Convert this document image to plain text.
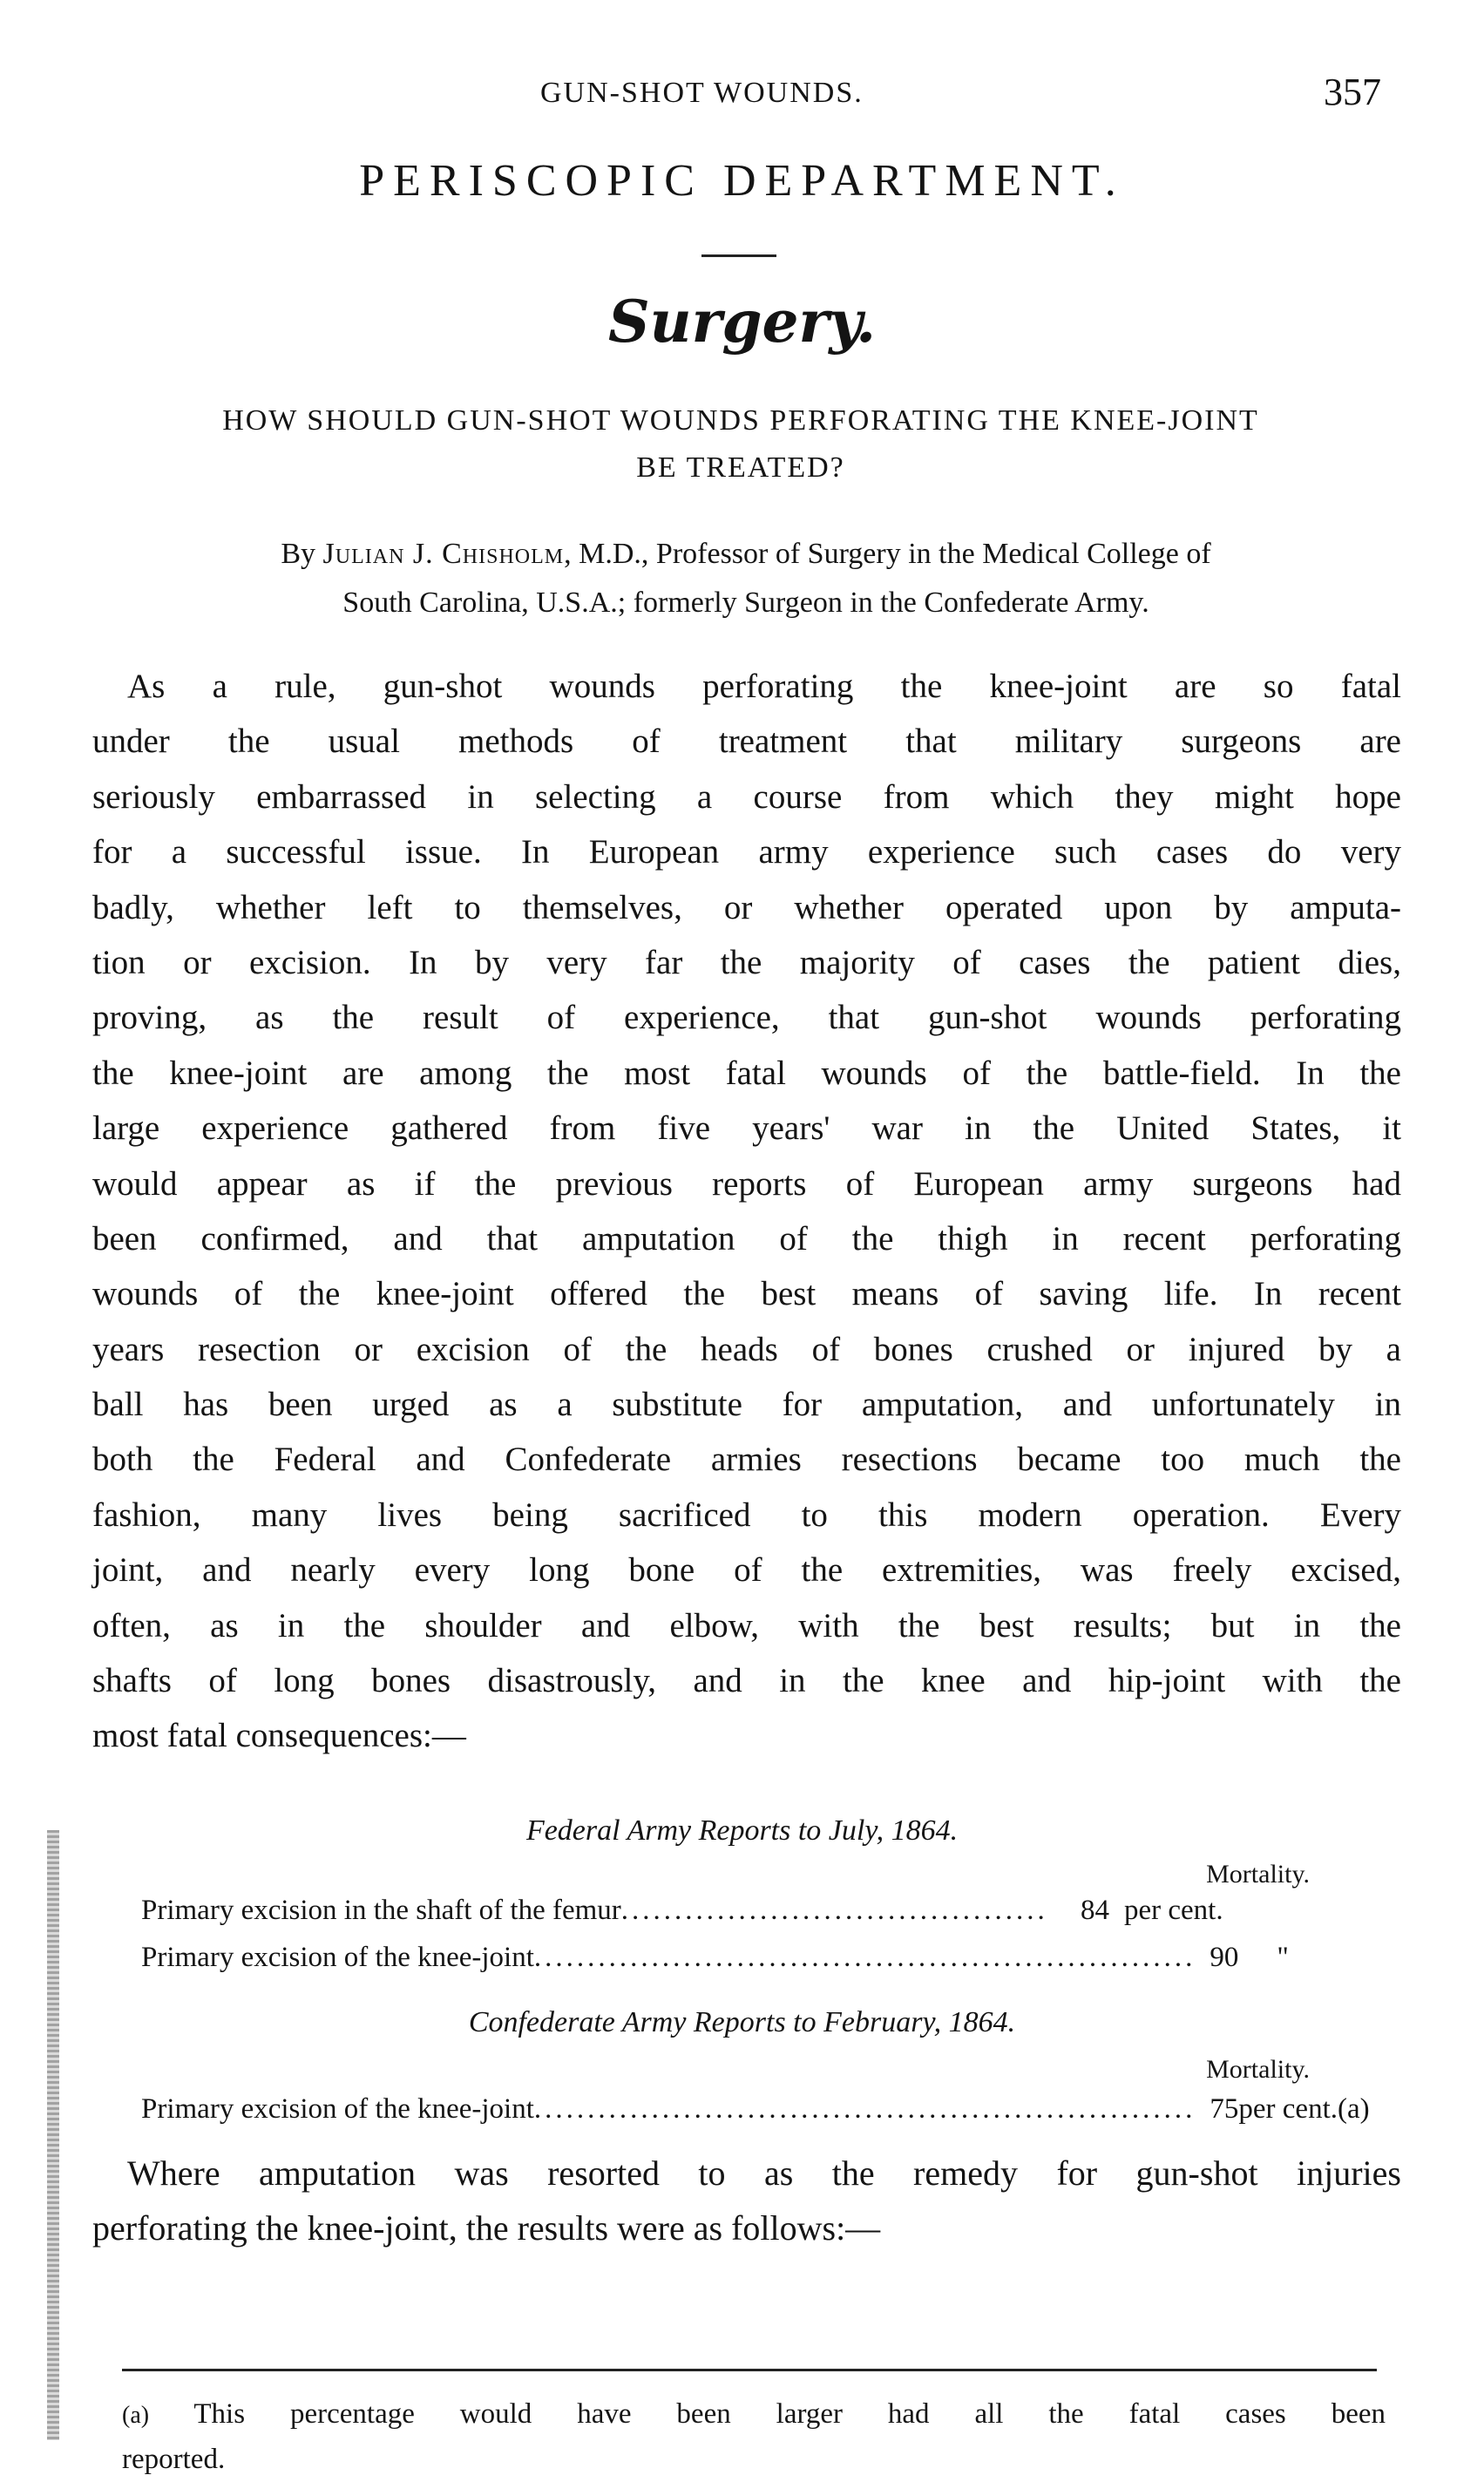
GUN-SHOT WOUNDS.	357
PERISCOPIC DEPARTMENT.
Surgery.
HOW SHOULD GUN-SHOT WOUNDS PERFORATING THE KNEE-JOINT
BE TREATED?
By Julian J. Chisholm, M.D., Professor of Surgery in the Medical College of
South Carolina, U.S.A.; formerly Surgeon in the Confederate Army.
As a rule, gun-shot wounds perforating the knee-joint are so fatal
under the usual methods of treatment that military surgeons are
seriously embarrassed in selecting a course from which they might hope
for a successful issue. In European army experience such cases do very
badly, whether left to themselves, or whether operated upon by amputa-
tion or excision. In by very far the majority of cases the patient dies,
proving, as the result of experience, that gun-shot wounds perforating
the knee-joint are among the most fatal wounds of the battle-field. In the
large experience gathered from five years' war in the United States, it
would appear as if the previous reports of European army surgeons had
been confirmed, and that amputation of the thigh in recent perforating
wounds of the knee-joint offered the best means of saving life. In recent
years resection or excision of the heads of bones crushed or injured by a
ball has been urged as a substitute for amputation, and unfortunately in
both the Federal and Confederate armies resections became too much the
fashion, many lives being sacrificed to this modern operation. Every
joint, and nearly every long bone of the extremities, was freely excised,
often, as in the shoulder and elbow, with the best results; but in the
shafts of long bones disastrously, and in the knee and hip-joint with the
most fatal consequences:—
Federal Army Reports to July, 1864.
Mortality.
Primary excision in the shaft of the femur ........................................	84 per cent.
Primary excision of the knee-joint .............................................................. 90	"
Confederate Army Reports to February, 1864.
Mortality.
Primary excision of the knee-joint .............................................................. 75 per cent.(a)
Where amputation was resorted to as the remedy for gun-shot injuries
perforating the knee-joint, the results were as follows:—
(a) This percentage would have been larger had all the fatal cases been
reported.
